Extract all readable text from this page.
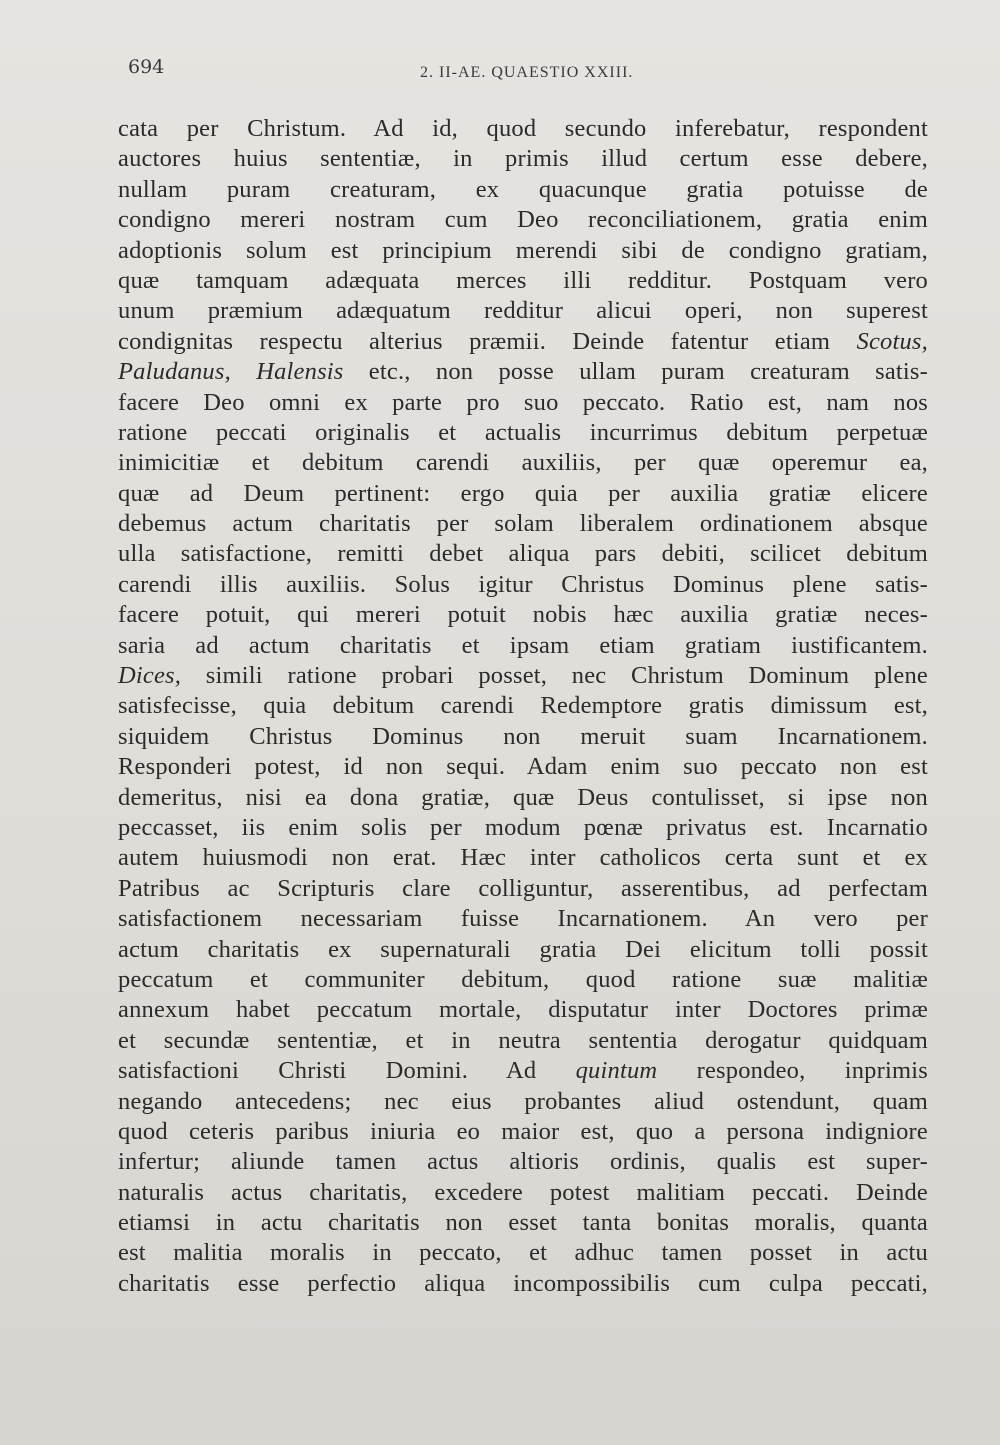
694	2. II-AE. QUAESTIO XXIII.
cata per Christum. Ad id, quod secundo inferebatur, respondent
auctores huius sententiæ, in primis illud certum esse debere,
nullam puram creaturam, ex quacunque gratia potuisse de
condigno mereri nostram cum Deo reconciliationem, gratia enim
adoptionis solum est principium merendi sibi de condigno gratiam,
quæ tamquam adæquata merces illi redditur. Postquam vero
unum præmium adæquatum redditur alicui operi, non superest
condignitas respectu alterius præmii. Deinde fatentur etiam Scotus,
Paludanus, Halensis etc., non posse ullam puram creaturam satis-
facere Deo omni ex parte pro suo peccato. Ratio est, nam nos
ratione peccati originalis et actualis incurrimus debitum perpetuæ
inimicitiæ et debitum carendi auxiliis, per quæ operemur ea,
quæ ad Deum pertinent: ergo quia per auxilia gratiæ elicere
debemus actum charitatis per solam liberalem ordinationem absque
ulla satisfactione, remitti debet aliqua pars debiti, scilicet debitum
carendi illis auxiliis. Solus igitur Christus Dominus plene satis-
facere potuit, qui mereri potuit nobis hæc auxilia gratiæ neces-
saria ad actum charitatis et ipsam etiam gratiam iustificantem.
Dices, simili ratione probari posset, nec Christum Dominum plene
satisfecisse, quia debitum carendi Redemptore gratis dimissum est,
siquidem Christus Dominus non meruit suam Incarnationem.
Responderi potest, id non sequi. Adam enim suo peccato non est
demeritus, nisi ea dona gratiæ, quæ Deus contulisset, si ipse non
peccasset, iis enim solis per modum pœnæ privatus est. Incarnatio
autem huiusmodi non erat. Hæc inter catholicos certa sunt et ex
Patribus ac Scripturis clare colliguntur, asserentibus, ad perfectam
satisfactionem necessariam fuisse Incarnationem. An vero per
actum charitatis ex supernaturali gratia Dei elicitum tolli possit
peccatum et communiter debitum, quod ratione suæ malitiæ
annexum habet peccatum mortale, disputatur inter Doctores primæ
et secundæ sententiæ, et in neutra sententia derogatur quidquam
satisfactioni Christi Domini. Ad quintum respondeo, inprimis
negando antecedens; nec eius probantes aliud ostendunt, quam
quod ceteris paribus iniuria eo maior est, quo a persona indigniore
infertur; aliunde tamen actus altioris ordinis, qualis est super-
naturalis actus charitatis, excedere potest malitiam peccati. Deinde
etiamsi in actu charitatis non esset tanta bonitas moralis, quanta
est malitia moralis in peccato, et adhuc tamen posset in actu
charitatis esse perfectio aliqua incompossibilis cum culpa peccati,
